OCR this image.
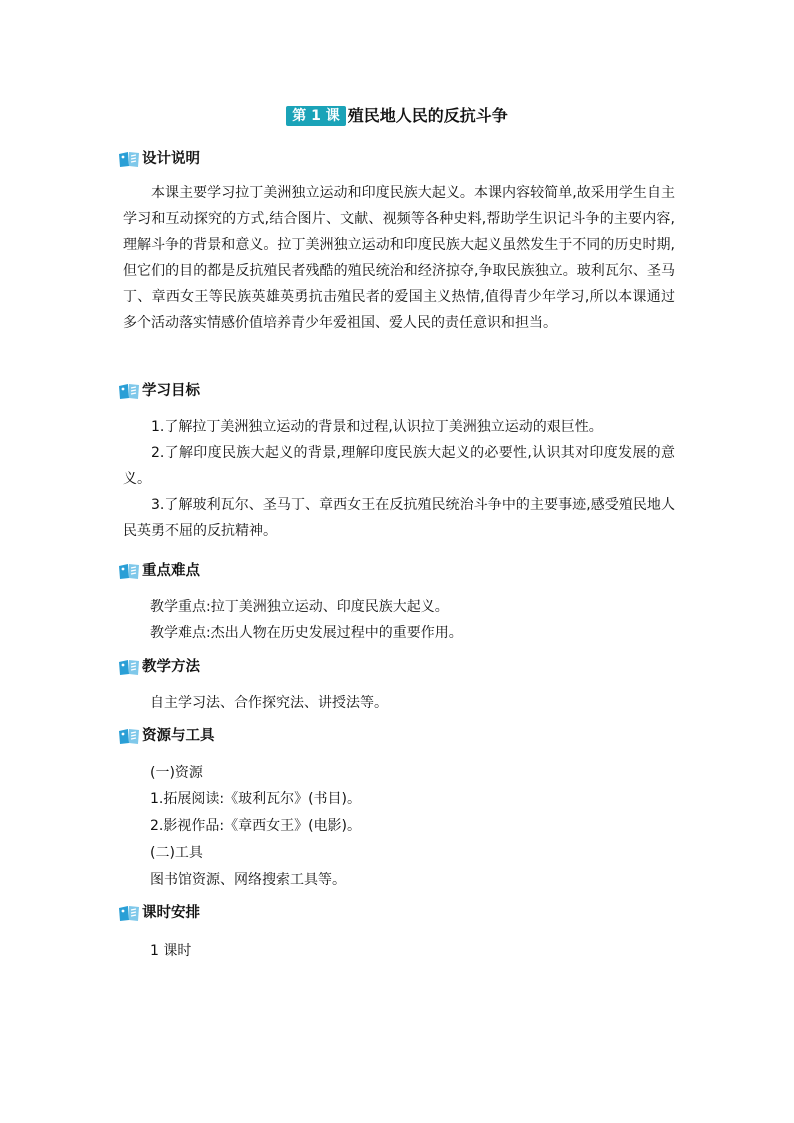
第 1 课 殖民地人民的反抗斗争
设计说明

本课主要学习拉丁美洲独立运动和印度民族大起义。本课内容较简单,故采用学生自主学习和互动探究的方式,结合图片、文献、视频等各种史料,帮助学生识记斗争的主要内容,理解斗争的背景和意义。拉丁美洲独立运动和印度民族大起义虽然发生于不同的历史时期,但它们的目的都是反抗殖民者残酷的殖民统治和经济掠夺,争取民族独立。玻利瓦尔、圣马丁、章西女王等民族英雄英勇抗击殖民者的爱国主义热情,值得青少年学习,所以本课通过多个活动落实情感价值培养青少年爱祖国、爱人民的责任意识和担当。

学习目标

1.了解拉丁美洲独立运动的背景和过程,认识拉丁美洲独立运动的艰巨性。

2.了解印度民族大起义的背景,理解印度民族大起义的必要性,认识其对印度发展的意义。

3.了解玻利瓦尔、圣马丁、章西女王在反抗殖民统治斗争中的主要事迹,感受殖民地人民英勇不屈的反抗精神。

重点难点

教学重点:拉丁美洲独立运动、印度民族大起义。

教学难点:杰出人物在历史发展过程中的重要作用。

教学方法

自主学习法、合作探究法、讲授法等。

资源与工具

(一)资源

1.拓展阅读:《玻利瓦尔》(书目)。

2.影视作品:《章西女王》(电影)。

(二)工具

图书馆资源、网络搜索工具等。

课时安排

1 课时
